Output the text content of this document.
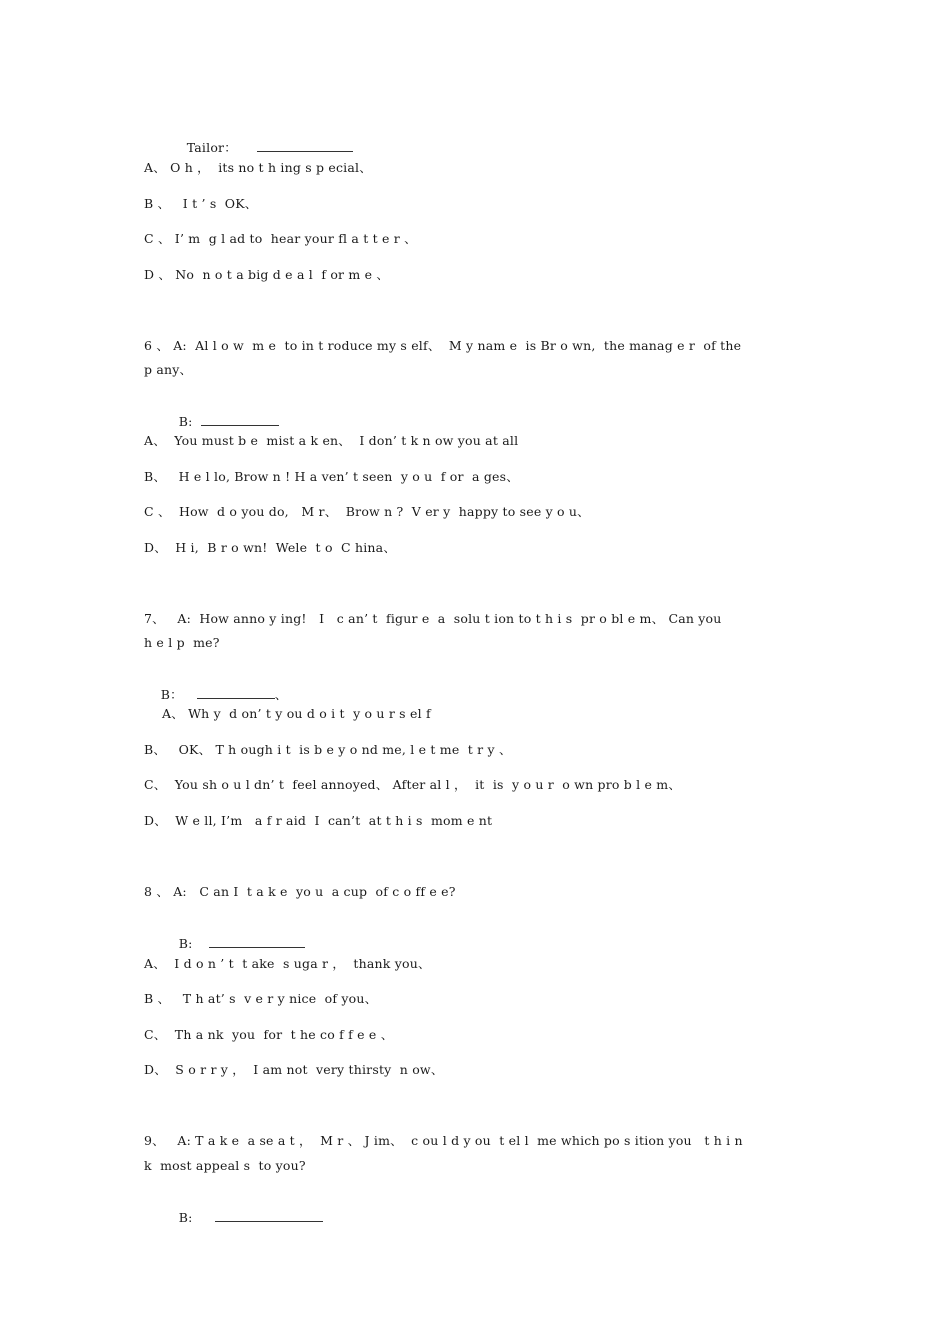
Tailor：

A、 O h ，  its no t h ing s p ecial、
B 、   I t ’ s  OK、
C 、 I’ m  g l ad to  hear your fl a t t e r 、
D 、 No  n o t a big d e a l  f or m e 、
6 、 A:  Al l o w  m e  to in t roduce my s elf、  M y nam e  is Br o wn,  the manag e r  of the
p any、

B:

A、  You must b e  mist a k en、  I don’ t k n ow you at all
B、   H e l lo, Brow n ! H a ven’ t seen  y o u  f or  a ges、
C 、  How  d o you do,   M r、  Brow n ?  V er y  happy to see y o u、
D、  H i,  B r o wn!  Wele  t o  C hina、
7、   A:  How anno y ing!   I   c an’ t  figur e  a  solu t ion to t h i s  pr o bl e m、 Can you
h e l p  me?

B：	、

A、 Wh y  d on’ t y ou d o i t  y o u r s el f
B、   OK、 T h ough i t  is b e y o nd me, l e t me  t r y 、
C、  You sh o u l dn’ t  feel annoyed、 After al l ，  it  is  y o u r  o wn pro b l e m、
D、  W e ll, I’m   a f r aid  I  can’t  at t h i s  mom e nt
8 、 A:   C an I  t a k e  yo u  a cup  of c o ff e e?

B:

A、  I d o n ’ t  t ake  s uga r ，  thank you、
B 、   T h at’ s  v e r y nice  of you、
C、  Th a nk  you  for  t he co f f e e 、
D、  S o r r y ，  I am not  very thirsty  n ow、
9、   A: T a k e  a se a t ，  M r 、 J im、  c ou l d y ou  t el l  me which po s ition you   t h i n
k  most appeal s  to you?

B:
